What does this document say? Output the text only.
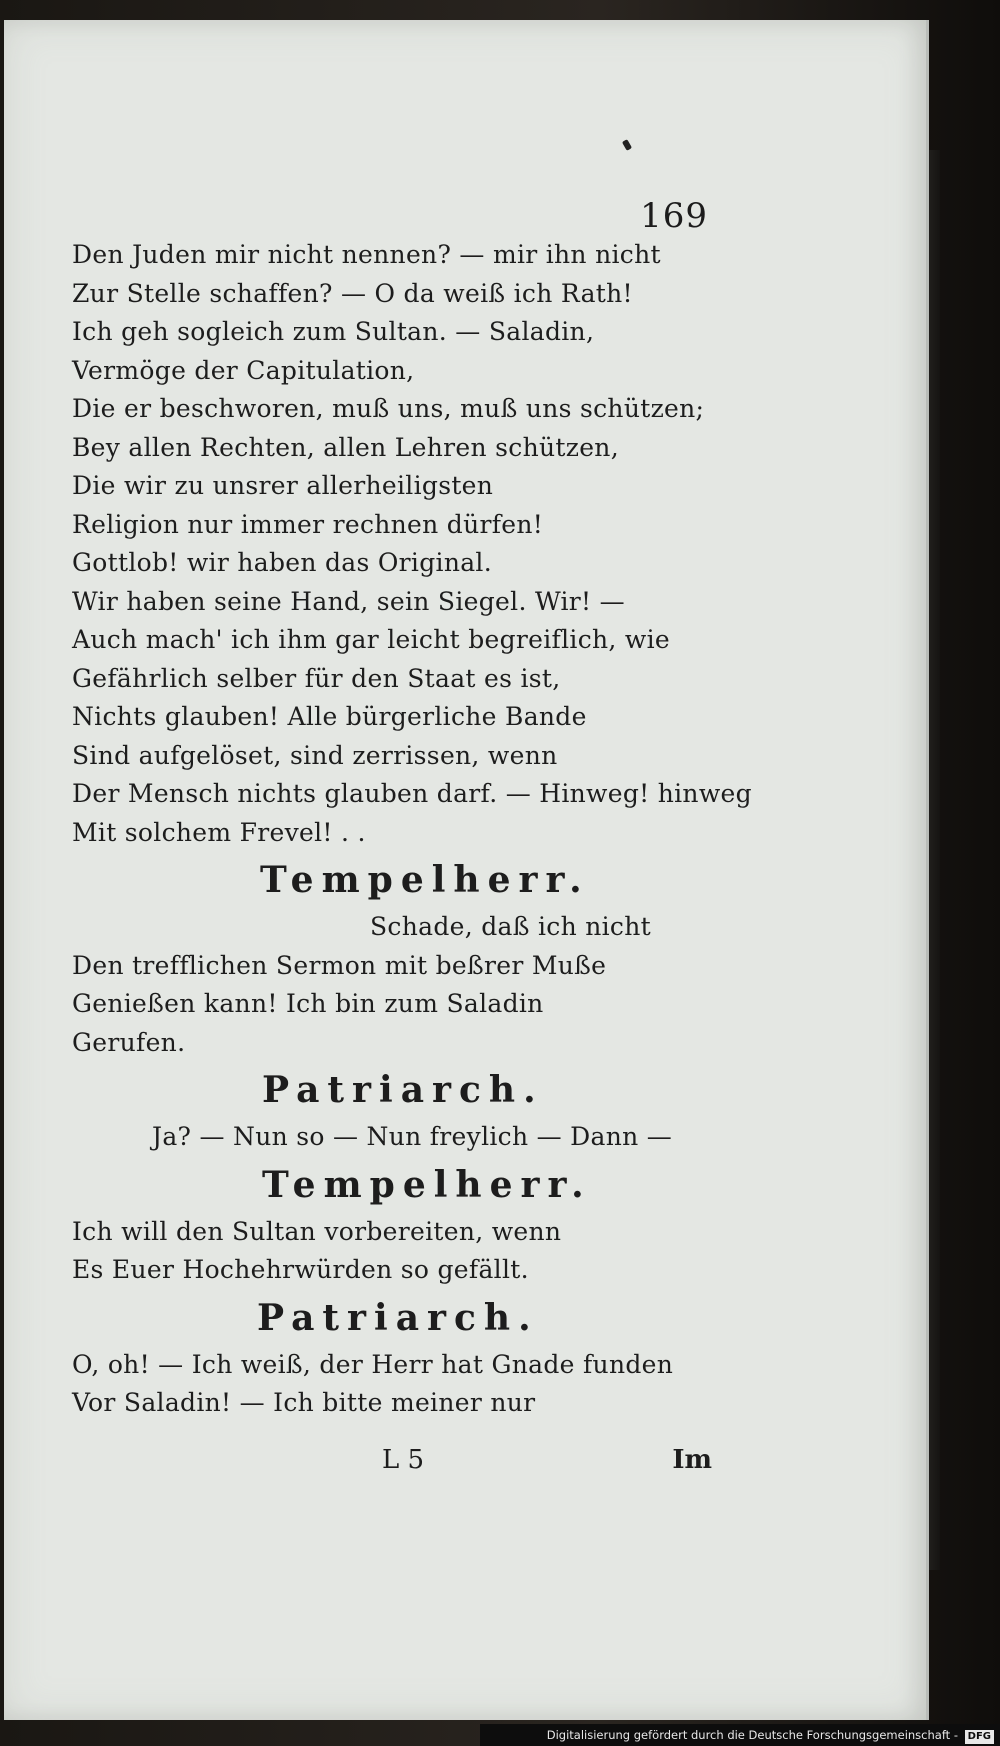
169
Den Juden mir nicht nennen? — mir ihn nicht
Zur Stelle schaffen? — O da weiß ich Rath!
Ich geh sogleich zum Sultan. — Saladin,
Vermöge der Capitulation,
Die er beschworen, muß uns, muß uns schützen;
Bey allen Rechten, allen Lehren schützen,
Die wir zu unsrer allerheiligsten
Religion nur immer rechnen dürfen!
Gottlob! wir haben das Original.
Wir haben seine Hand, sein Siegel. Wir! —
Auch mach' ich ihm gar leicht begreiflich, wie
Gefährlich selber für den Staat es ist,
Nichts glauben! Alle bürgerliche Bande
Sind aufgelöset, sind zerrissen, wenn
Der Mensch nichts glauben darf. — Hinweg! hinweg
Mit solchem Frevel! . .
Tempelherr.
Schade, daß ich nicht
Den trefflichen Sermon mit beßrer Muße
Genießen kann! Ich bin zum Saladin
Gerufen.
Patriarch.
Ja? — Nun so — Nun freylich — Dann —
Tempelherr.
Ich will den Sultan vorbereiten, wenn
Es Euer Hochehrwürden so gefällt.
Patriarch.
O, oh! — Ich weiß, der Herr hat Gnade funden
Vor Saladin! — Ich bitte meiner nur
L 5	Im
Digitalisierung gefördert durch die Deutsche Forschungsgemeinschaft - DFG
